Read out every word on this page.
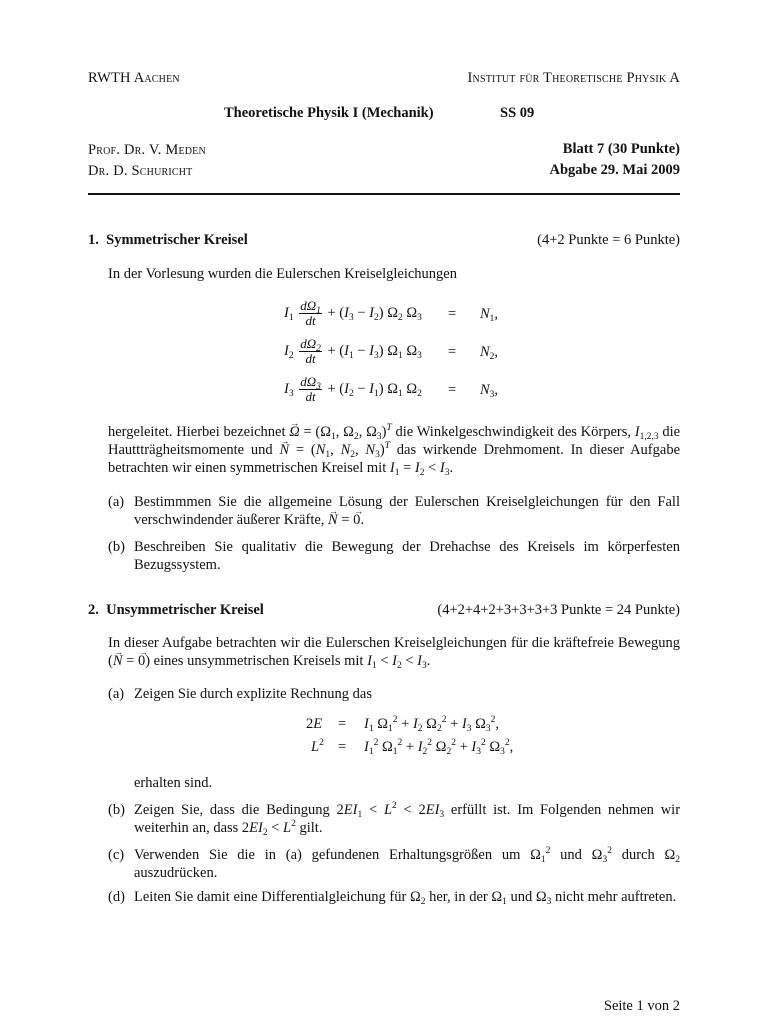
RWTH Aachen	Institut für Theoretische Physik A
Theoretische Physik I (Mechanik)	SS 09
Prof. Dr. V. Meden	Blatt 7 (30 Punkte)
Dr. D. Schuricht	Abgabe 29. Mai 2009
1. Symmetrischer Kreisel	(4+2 Punkte = 6 Punkte)
In der Vorlesung wurden die Eulerschen Kreiselgleichungen
$I_1 \frac{d\Omega_1}{dt} + (I_3 - I_2)$ $\Omega_2$ $\Omega_3 = N_1$,
$I_2 \frac{d\Omega_2}{dt} + (I_1 - I_3)$ $\Omega_1$ $\Omega_3 = N_2$,
$I_3 \frac{d\Omega_3}{dt} + (I_2 - I_1)$ $\Omega_1$ $\Omega_2 = N_3$,
hergeleitet. Hierbei bezeichnet → $\Omega = (\Omega_1$, $\Omega_2$, $\Omega_3)^T$ die Winkelgeschwindigkeit des Körpers, $I_{1,2,3}$ die Hauttträgheitsmomente und → $N = (N_1$, $N_2$, $N_3)^T$ das wirkende Drehmoment. In dieser Aufgabe betrachten wir einen symmetrischen Kreisel mit $I_1 = I_2 < I_3$.
(a) Bestimmmen Sie die allgemeine Lösung der Eulerschen Kreiselgleichungen für den Fall verschwindender äußerer Kräfte, → N = → 0.
(b) Beschreiben Sie qualitativ die Bewegung der Drehachse des Kreisels im körperfesten Bezugssystem.
2. Unsymmetrischer Kreisel	(4+2+4+2+3+3+3+3 Punkte = 24 Punkte)
In dieser Aufgabe betrachten wir die Eulerschen Kreiselgleichungen für die kräftefreie Bewegung (→ N = → 0) eines unsymmetrischen Kreisels mit $I_1 < I_2 < I_3$.
(a) Zeigen Sie durch explizite Rechnung das
$2E = I_1$ $\Omega_1^2 + I_2$ $\Omega_2^2 + I_3$ $\Omega_3^2$,
$L^2 = I_1^2$ $\Omega_1^2 + I_2^2$ $\Omega_2^2 + I_3^2$ $\Omega_3^2$,
erhalten sind.
(b) Zeigen Sie, dass die Bedingung $2EI_1 < L^2 < 2EI_3$ erfüllt ist. Im Folgenden nehmen wir weiterhin an, dass $2EI_2 < L^2$ gilt.
(c) Verwenden Sie die in (a) gefundenen Erhaltungsgrößen um $\Omega_1^2$ und $\Omega_3^2$ durch $\Omega_2$ auszudrücken.
(d) Leiten Sie damit eine Differentialgleichung für $\Omega_2$ her, in der $\Omega_1$ und $\Omega_3$ nicht mehr auftreten.
Seite 1 von 2
